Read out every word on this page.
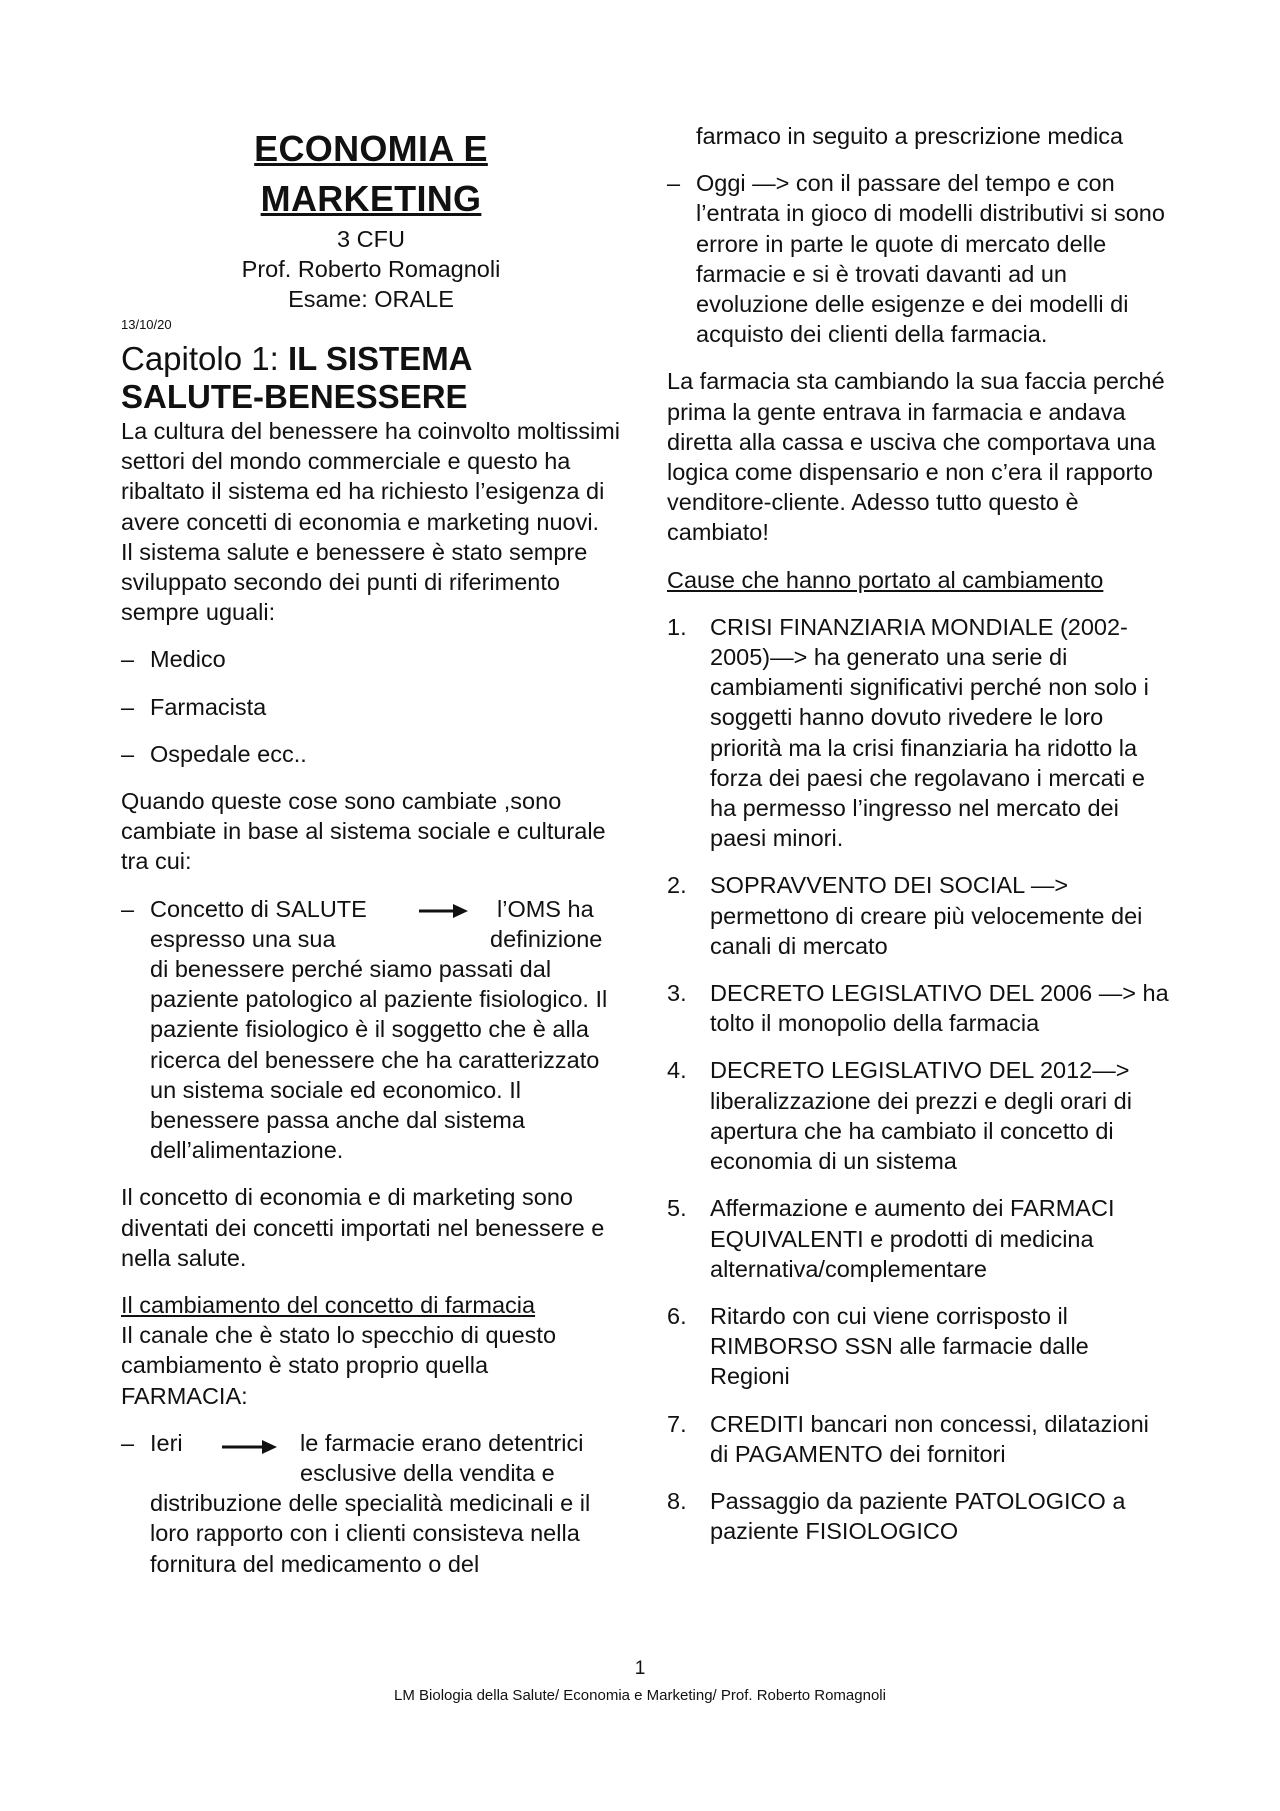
ECONOMIA E
MARKETING
3 CFU
Prof. Roberto Romagnoli
Esame: ORALE
13/10/20
Capitolo 1: IL SISTEMA
SALUTE-BENESSERE

La cultura del benessere ha coinvolto moltissimi settori del mondo commerciale e questo ha ribaltato il sistema ed ha richiesto l’esigenza di avere concetti di economia e marketing nuovi.

Il sistema salute e benessere è stato sempre sviluppato secondo dei punti di riferimento sempre uguali:

– Medico
– Farmacista
– Ospedale ecc..

Quando queste cose sono cambiate ,sono cambiate in base al sistema sociale e culturale tra cui:

– Concetto di SALUTE	l’OMS ha
espresso una sua	definizione

di benessere perché siamo passati dal paziente patologico al paziente fisiologico. Il paziente fisiologico è il soggetto che è alla ricerca del benessere che ha caratterizzato un sistema sociale ed economico. Il benessere passa anche dal sistema dell’alimentazione.

Il concetto di economia e di marketing sono diventati dei concetti importati nel benessere e nella salute.

Il cambiamento del concetto di farmacia

Il canale che è stato lo specchio di questo cambiamento è stato proprio quella FARMACIA:

– Ieri	le farmacie erano detentrici
esclusive della vendita e

distribuzione delle specialità medicinali e il loro rapporto con i clienti consisteva nella fornitura del medicamento o del

farmaco in seguito a prescrizione medica

– Oggi —> con il passare del tempo e con l’entrata in gioco di modelli distributivi si sono errore in parte le quote di mercato delle farmacie e si è trovati davanti ad un evoluzione delle esigenze e dei modelli di acquisto dei clienti della farmacia.

La farmacia sta cambiando la sua faccia perché prima la gente entrava in farmacia e andava diretta alla cassa e usciva che comportava una logica come dispensario e non c’era il rapporto venditore-cliente. Adesso tutto questo è cambiato!

Cause che hanno portato al cambiamento

1. CRISI FINANZIARIA MONDIALE (2002-2005)—> ha generato una serie di cambiamenti significativi perché non solo i soggetti hanno dovuto rivedere le loro priorità ma la crisi finanziaria ha ridotto la forza dei paesi che regolavano i mercati e ha permesso l’ingresso nel mercato dei paesi minori.

2. SOPRAVVENTO DEI SOCIAL —> permettono di creare più velocemente dei canali di mercato

3. DECRETO LEGISLATIVO DEL 2006 —> ha tolto il monopolio della farmacia

4. DECRETO LEGISLATIVO DEL 2012—> liberalizzazione dei prezzi e degli orari di apertura che ha cambiato il concetto di economia di un sistema

5. Affermazione e aumento dei FARMACI EQUIVALENTI e prodotti di medicina alternativa/complementare

6. Ritardo con cui viene corrisposto il RIMBORSO SSN alle farmacie dalle Regioni

7. CREDITI bancari non concessi, dilatazioni di PAGAMENTO dei fornitori

8. Passaggio da paziente PATOLOGICO a paziente FISIOLOGICO

1
LM Biologia della Salute/ Economia e Marketing/ Prof. Roberto Romagnoli
